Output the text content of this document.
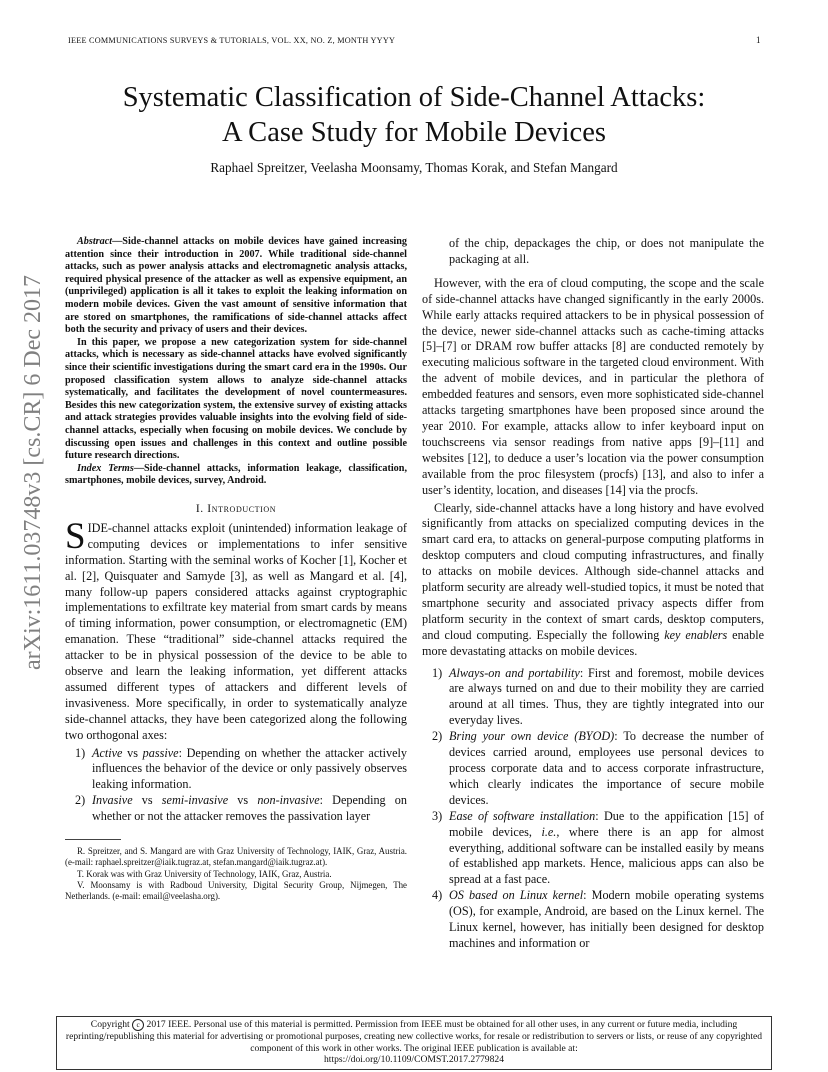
IEEE COMMUNICATIONS SURVEYS & TUTORIALS, VOL. XX, NO. Z, MONTH YYYY	1
Systematic Classification of Side-Channel Attacks:
A Case Study for Mobile Devices
Raphael Spreitzer, Veelasha Moonsamy, Thomas Korak, and Stefan Mangard
arXiv:1611.03748v3 [cs.CR] 6 Dec 2017

Abstract—Side-channel attacks on mobile devices have gained increasing attention since their introduction in 2007. While traditional side-channel attacks, such as power analysis attacks and electromagnetic analysis attacks, required physical presence of the attacker as well as expensive equipment, an (unprivileged) application is all it takes to exploit the leaking information on modern mobile devices. Given the vast amount of sensitive information that are stored on smartphones, the ramifications of side-channel attacks affect both the security and privacy of users and their devices.

In this paper, we propose a new categorization system for side-channel attacks, which is necessary as side-channel attacks have evolved significantly since their scientific investigations during the smart card era in the 1990s. Our proposed classification system allows to analyze side-channel attacks systematically, and facilitates the development of novel countermeasures. Besides this new categorization system, the extensive survey of existing attacks and attack strategies provides valuable insights into the evolving field of side-channel attacks, especially when focusing on mobile devices. We conclude by discussing open issues and challenges in this context and outline possible future research directions.

Index Terms—Side-channel attacks, information leakage, classification, smartphones, mobile devices, survey, Android.

I. Introduction

SIDE-channel attacks exploit (unintended) information leakage of computing devices or implementations to infer sensitive information. Starting with the seminal works of Kocher [1], Kocher et al. [2], Quisquater and Samyde [3], as well as Mangard et al. [4], many follow-up papers considered attacks against cryptographic implementations to exfiltrate key material from smart cards by means of timing information, power consumption, or electromagnetic (EM) emanation. These “traditional” side-channel attacks required the attacker to be in physical possession of the device to be able to observe and learn the leaking information, yet different attacks assumed different types of attackers and different levels of invasiveness. More specifically, in order to systematically analyze side-channel attacks, they have been categorized along the following two orthogonal axes:

1) Active vs passive: Depending on whether the attacker actively influences the behavior of the device or only passively observes leaking information.
2) Invasive vs semi-invasive vs non-invasive: Depending on whether or not the attacker removes the passivation layer

R. Spreitzer, and S. Mangard are with Graz University of Technology, IAIK, Graz, Austria. (e-mail: raphael.spreitzer@iaik.tugraz.at, stefan.mangard@iaik.tugraz.at).

T. Korak was with Graz University of Technology, IAIK, Graz, Austria.

V. Moonsamy is with Radboud University, Digital Security Group, Nijmegen, The Netherlands. (e-mail: email@veelasha.org).

of the chip, depackages the chip, or does not manipulate the packaging at all.

However, with the era of cloud computing, the scope and the scale of side-channel attacks have changed significantly in the early 2000s. While early attacks required attackers to be in physical possession of the device, newer side-channel attacks such as cache-timing attacks [5]–[7] or DRAM row buffer attacks [8] are conducted remotely by executing malicious software in the targeted cloud environment. With the advent of mobile devices, and in particular the plethora of embedded features and sensors, even more sophisticated side-channel attacks targeting smartphones have been proposed since around the year 2010. For example, attacks allow to infer keyboard input on touchscreens via sensor readings from native apps [9]–[11] and websites [12], to deduce a user’s location via the power consumption available from the proc filesystem (procfs) [13], and also to infer a user’s identity, location, and diseases [14] via the procfs.

Clearly, side-channel attacks have a long history and have evolved significantly from attacks on specialized computing devices in the smart card era, to attacks on general-purpose computing platforms in desktop computers and cloud computing infrastructures, and finally to attacks on mobile devices. Although side-channel attacks and platform security are already well-studied topics, it must be noted that smartphone security and associated privacy aspects differ from platform security in the context of smart cards, desktop computers, and cloud computing. Especially the following key enablers enable more devastating attacks on mobile devices.

1) Always-on and portability: First and foremost, mobile devices are always turned on and due to their mobility they are carried around at all times. Thus, they are tightly integrated into our everyday lives.
2) Bring your own device (BYOD): To decrease the number of devices carried around, employees use personal devices to process corporate data and to access corporate infrastructure, which clearly indicates the importance of secure mobile devices.
3) Ease of software installation: Due to the appification [15] of mobile devices, i.e., where there is an app for almost everything, additional software can be installed easily by means of established app markets. Hence, malicious apps can also be spread at a fast pace.
4) OS based on Linux kernel: Modern mobile operating systems (OS), for example, Android, are based on the Linux kernel. The Linux kernel, however, has initially been designed for desktop machines and information or
Copyright c 2017 IEEE. Personal use of this material is permitted. Permission from IEEE must be obtained for all other uses, in any current or future media, including reprinting/republishing this material for advertising or promotional purposes, creating new collective works, for resale or redistribution to servers or lists, or reuse of any copyrighted component of this work in other works. The original IEEE publication is available at:
https://doi.org/10.1109/COMST.2017.2779824
